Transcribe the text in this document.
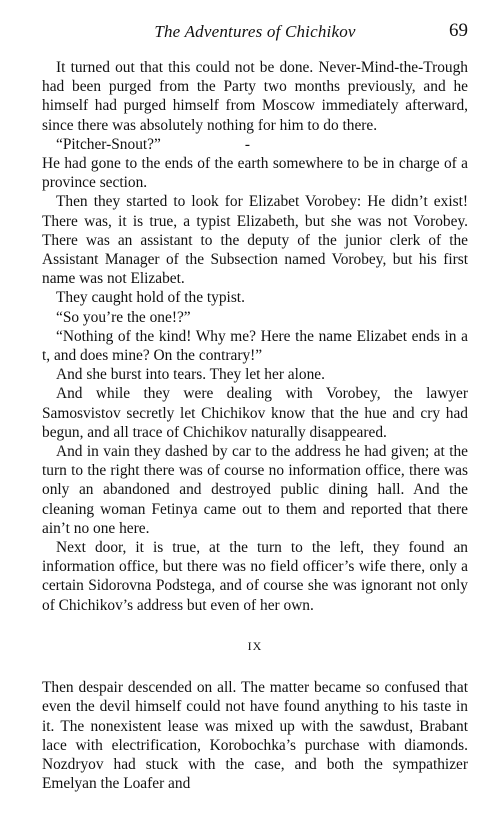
The Adventures of Chichikov	69

It turned out that this could not be done. Never-Mind-the-Trough had been purged from the Party two months previously, and he himself had purged himself from Moscow immediately afterward, since there was absolutely nothing for him to do there.

“Pitcher-Snout?”	-

He had gone to the ends of the earth somewhere to be in charge of a province section.

Then they started to look for Elizabet Vorobey: He didn’t exist! There was, it is true, a typist Elizabeth, but she was not Vorobey. There was an assistant to the deputy of the junior clerk of the Assistant Manager of the Subsection named Vorobey, but his first name was not Elizabet.

They caught hold of the typist.

“So you’re the one!?”

“Nothing of the kind! Why me? Here the name Elizabet ends in a t, and does mine? On the contrary!”

And she burst into tears. They let her alone.

And while they were dealing with Vorobey, the lawyer Samosvistov secretly let Chichikov know that the hue and cry had begun, and all trace of Chichikov naturally disappeared.

And in vain they dashed by car to the address he had given; at the turn to the right there was of course no information office, there was only an abandoned and destroyed public dining hall. And the cleaning woman Fetinya came out to them and reported that there ain’t no one here.

Next door, it is true, at the turn to the left, they found an information office, but there was no field officer’s wife there, only a certain Sidorovna Podstega, and of course she was ignorant not only of Chichikov’s address but even of her own.

IX

Then despair descended on all. The matter became so confused that even the devil himself could not have found anything to his taste in it. The nonexistent lease was mixed up with the sawdust, Brabant lace with electrification, Korobochka’s purchase with diamonds. Nozdryov had stuck with the case, and both the sympathizer Emelyan the Loafer and
